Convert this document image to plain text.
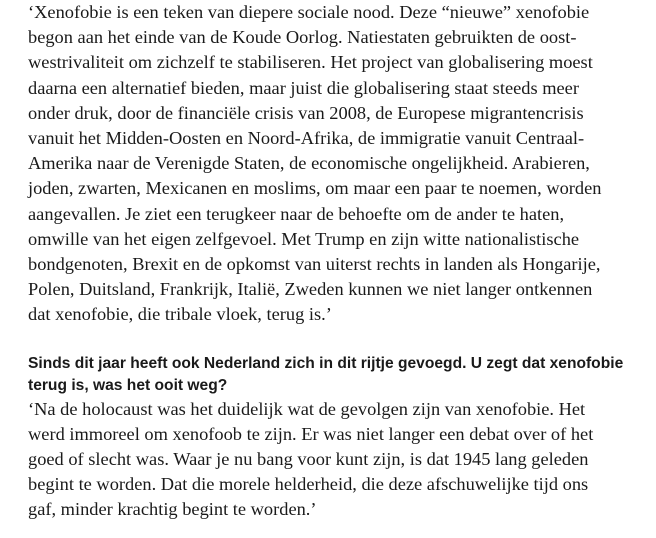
‘Xenofobie is een teken van diepere sociale nood. Deze “nieuwe” xenofobie
begon aan het einde van de Koude Oorlog. Natiestaten gebruikten de oost-
westrivaliteit om zichzelf te stabiliseren. Het project van globalisering moest
daarna een alternatief bieden, maar juist die globalisering staat steeds meer
onder druk, door de financiële crisis van 2008, de Europese migrantencrisis
vanuit het Midden-Oosten en Noord-Afrika, de immigratie vanuit Centraal-
Amerika naar de Verenigde Staten, de economische ongelijkheid. Arabieren,
joden, zwarten, Mexicanen en moslims, om maar een paar te noemen, worden
aangevallen. Je ziet een terugkeer naar de behoefte om de ander te haten,
omwille van het eigen zelfgevoel. Met Trump en zijn witte nationalistische
bondgenoten, Brexit en de opkomst van uiterst rechts in landen als Hongarije,
Polen, Duitsland, Frankrijk, Italië, Zweden kunnen we niet langer ontkennen
dat xenofobie, die tribale vloek, terug is.’

Sinds dit jaar heeft ook Nederland zich in dit rijtje gevoegd. U zegt dat xenofobie
terug is, was het ooit weg?

‘Na de holocaust was het duidelijk wat de gevolgen zijn van xenofobie. Het
werd immoreel om xenofoob te zijn. Er was niet langer een debat over of het
goed of slecht was. Waar je nu bang voor kunt zijn, is dat 1945 lang geleden
begint te worden. Dat die morele helderheid, die deze afschuwelijke tijd ons
gaf, minder krachtig begint te worden.’
